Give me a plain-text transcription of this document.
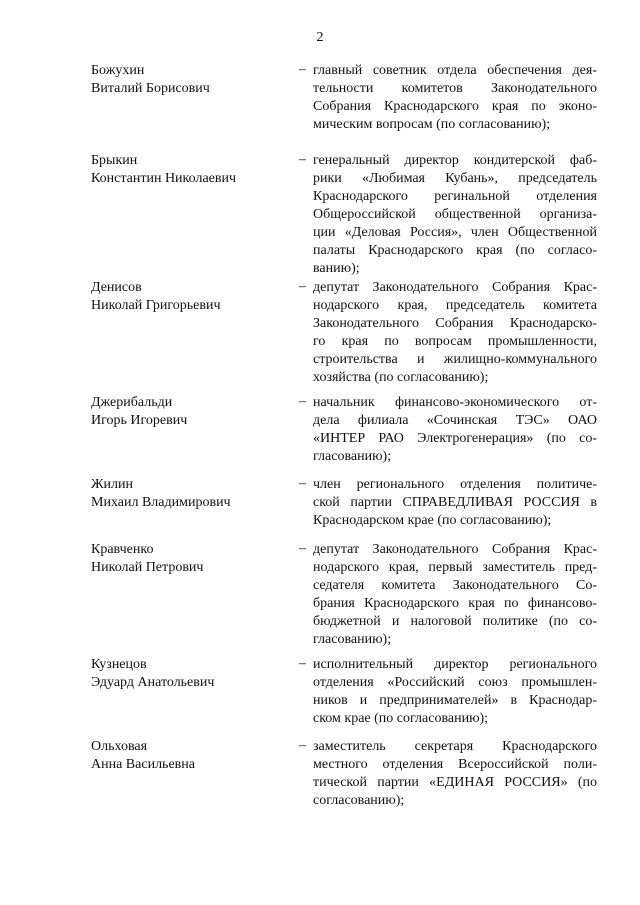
2
Божухин
Виталий Борисович
– главный советник отдела обеспечения дея-
тельности комитетов Законодательного
Собрания Краснодарского края по эконо-
мическим вопросам (по согласованию);
Брыкин
Константин Николаевич
– генеральный директор кондитерской фаб-
рики «Любимая Кубань», председатель
Краснодарского регинальной отделения
Общероссийской общественной организа-
ции «Деловая Россия», член Общественной
палаты Краснодарского края (по согласо-
ванию);
Денисов
Николай Григорьевич
– депутат Законодательного Собрания Крас-
нодарского края, председатель комитета
Законодательного Собрания Краснодарско-
го края по вопросам промышленности,
строительства и жилищно-коммунального
хозяйства (по согласованию);
Джерибальди
Игорь Игоревич
– начальник финансово-экономического от-
дела филиала «Сочинская ТЭС» ОАО
«ИНТЕР РАО Электрогенерация» (по со-
гласованию);
Жилин
Михаил Владимирович
– член регионального отделения политиче-
ской партии СПРАВЕДЛИВАЯ РОССИЯ в
Краснодарском крае (по согласованию);
Кравченко
Николай Петрович
– депутат Законодательного Собрания Крас-
нодарского края, первый заместитель пред-
седателя комитета Законодательного Со-
брания Краснодарского края по финансово-
бюджетной и налоговой политике (по со-
гласованию);
Кузнецов
Эдуард Анатольевич
– исполнительный директор регионального
отделения «Российский союз промышлен-
ников и предпринимателей» в Краснодар-
ском крае (по согласованию);
Ольховая
Анна Васильевна
– заместитель секретаря Краснодарского
местного отделения Всероссийской поли-
тической партии «ЕДИНАЯ РОССИЯ» (по
согласованию);
